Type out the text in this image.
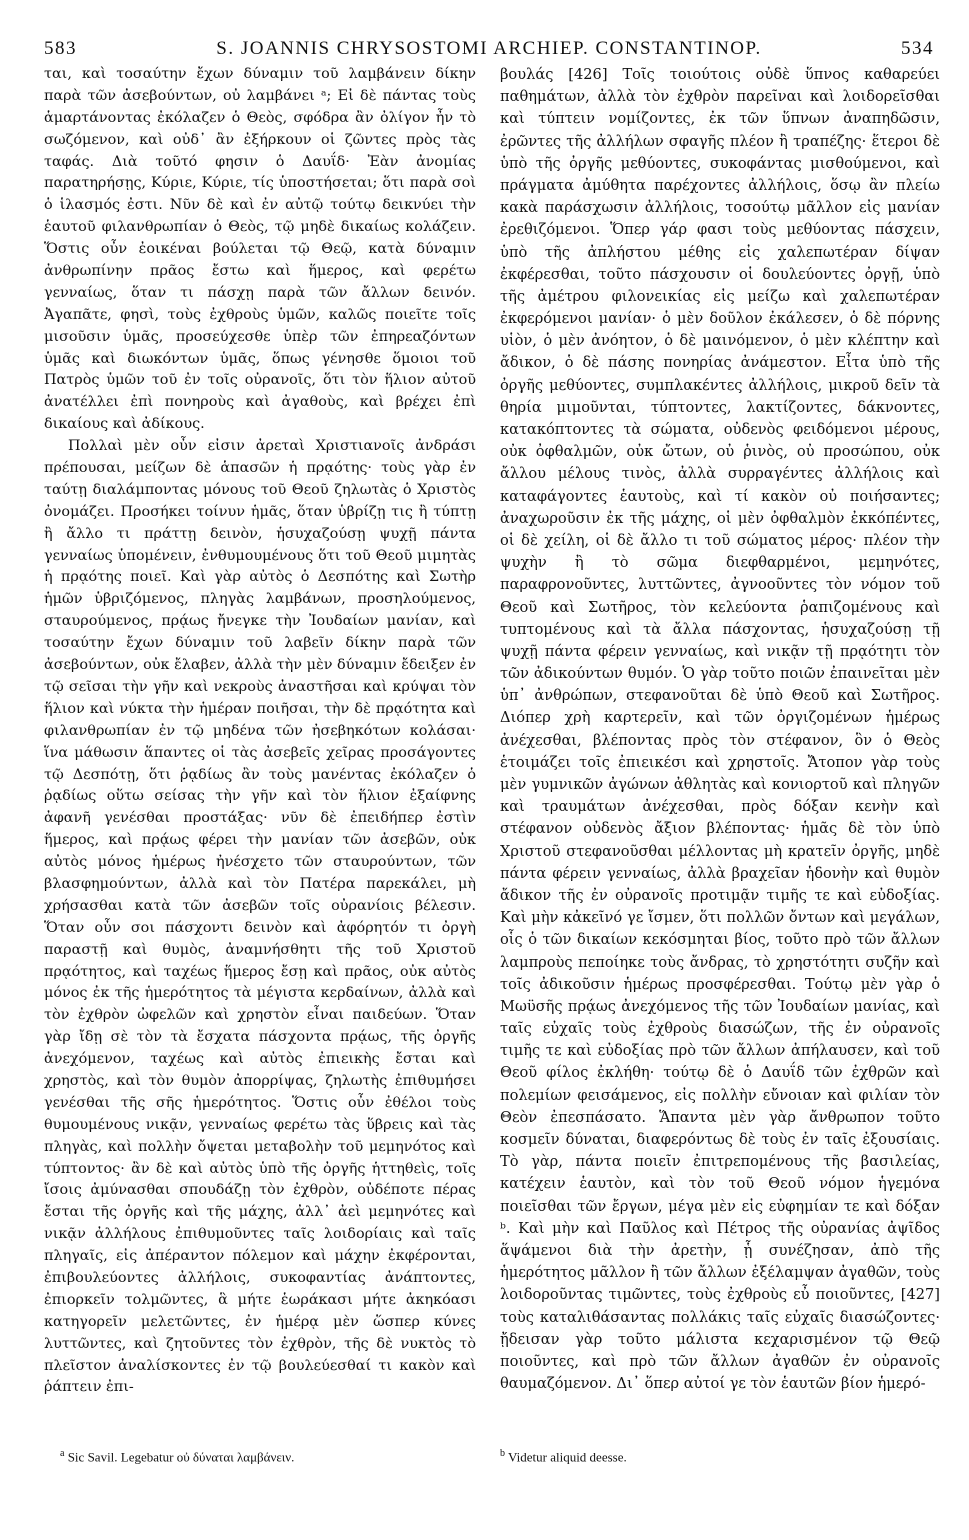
583	S. JOANNIS CHRYSOSTOMI ARCHIEP. CONSTANTINOP.	534

ται, καὶ τοσαύτην ἔχων δύναμιν τοῦ λαμβάνειν δίκην παρὰ τῶν ἀσεβούντων, οὐ λαμβάνει ᵃ; Εἰ δὲ πάντας τοὺς ἁμαρτάνοντας ἐκόλαζεν ὁ Θεὸς, σφόδρα ἂν ὀλίγον ἦν τὸ σωζόμενον, καὶ οὐδ᾽ ἂν ἐξήρκουν οἱ ζῶντες πρὸς τὰς ταφάς. Διὰ τοῦτό φησιν ὁ Δαυΐδ· Ἐὰν ἀνομίας παρατηρήσῃς, Κύριε, Κύριε, τίς ὑποστήσεται; ὅτι παρὰ σοὶ ὁ ἱλασμός ἐστι. Νῦν δὲ καὶ ἐν αὐτῷ τούτῳ δεικνύει τὴν ἑαυτοῦ φιλανθρωπίαν ὁ Θεὸς, τῷ μηδὲ δικαίως κολάζειν. Ὅστις οὖν ἐοικέναι βούλεται τῷ Θεῷ, κατὰ δύναμιν ἀνθρωπίνην πρᾶος ἔστω καὶ ἥμερος, καὶ φερέτω γενναίως, ὅταν τι πάσχῃ παρὰ τῶν ἄλλων δεινόν. Ἀγαπᾶτε, φησὶ, τοὺς ἐχθροὺς ὑμῶν, καλῶς ποιεῖτε τοῖς μισοῦσιν ὑμᾶς, προσεύχεσθε ὑπὲρ τῶν ἐπηρεαζόντων ὑμᾶς καὶ διωκόντων ὑμᾶς, ὅπως γένησθε ὅμοιοι τοῦ Πατρὸς ὑμῶν τοῦ ἐν τοῖς οὐρανοῖς, ὅτι τὸν ἥλιον αὐτοῦ ἀνατέλλει ἐπὶ πονηροὺς καὶ ἀγαθοὺς, καὶ βρέχει ἐπὶ δικαίους καὶ ἀδίκους.

Πολλαὶ μὲν οὖν εἰσιν ἀρεταὶ Χριστιανοῖς ἀνδράσι πρέπουσαι, μείζων δὲ ἁπασῶν ἡ πρᾳότης· τοὺς γὰρ ἐν ταύτῃ διαλάμποντας μόνους τοῦ Θεοῦ ζηλωτὰς ὁ Χριστὸς ὀνομάζει. Προσήκει τοίνυν ἡμᾶς, ὅταν ὑβρίζῃ τις ἢ τύπτῃ ἢ ἄλλο τι πράττῃ δεινὸν, ἡσυχαζούσῃ ψυχῇ πάντα γενναίως ὑπομένειν, ἐνθυμουμένους ὅτι τοῦ Θεοῦ μιμητὰς ἡ πρᾳότης ποιεῖ. Καὶ γὰρ αὐτὸς ὁ Δεσπότης καὶ Σωτὴρ ἡμῶν ὑβριζόμενος, πληγὰς λαμβάνων, προσηλούμενος, σταυρούμενος, πρᾴως ἤνεγκε τὴν Ἰουδαίων μανίαν, καὶ τοσαύτην ἔχων δύναμιν τοῦ λαβεῖν δίκην παρὰ τῶν ἀσεβούντων, οὐκ ἔλαβεν, ἀλλὰ τὴν μὲν δύναμιν ἔδειξεν ἐν τῷ σεῖσαι τὴν γῆν καὶ νεκροὺς ἀναστῆσαι καὶ κρύψαι τὸν ἥλιον καὶ νύκτα τὴν ἡμέραν ποιῆσαι, τὴν δὲ πρᾳότητα καὶ φιλανθρωπίαν ἐν τῷ μηδένα τῶν ἠσεβηκότων κολάσαι· ἵνα μάθωσιν ἅπαντες οἱ τὰς ἀσεβεῖς χεῖρας προσάγοντες τῷ Δεσπότῃ, ὅτι ῥᾳδίως ἂν τοὺς μανέντας ἐκόλαζεν ὁ ῥᾳδίως οὕτω σείσας τὴν γῆν καὶ τὸν ἥλιον ἐξαίφνης ἀφανῆ γενέσθαι προστάξας· νῦν δὲ ἐπειδήπερ ἐστὶν ἥμερος, καὶ πρᾴως φέρει τὴν μανίαν τῶν ἀσεβῶν, οὐκ αὐτὸς μόνος ἡμέρως ἠνέσχετο τῶν σταυρούντων, τῶν βλασφημούντων, ἀλλὰ καὶ τὸν Πατέρα παρεκάλει, μὴ χρήσασθαι κατὰ τῶν ἀσεβῶν τοῖς οὐρανίοις βέλεσιν. Ὅταν οὖν σοι πάσχοντι δεινὸν καὶ ἀφόρητόν τι ὀργὴ παραστῇ καὶ θυμὸς, ἀναμνήσθητι τῆς τοῦ Χριστοῦ πρᾳότητος, καὶ ταχέως ἥμερος ἔσῃ καὶ πρᾶος, οὐκ αὐτὸς μόνος ἐκ τῆς ἡμερότητος τὰ μέγιστα κερδαίνων, ἀλλὰ καὶ τὸν ἐχθρὸν ὠφελῶν καὶ χρηστὸν εἶναι παιδεύων. Ὅταν γὰρ ἴδῃ σὲ τὸν τὰ ἔσχατα πάσχοντα πρᾴως, τῆς ὀργῆς ἀνεχόμενον, ταχέως καὶ αὐτὸς ἐπιεικὴς ἔσται καὶ χρηστὸς, καὶ τὸν θυμὸν ἀπορρίψας, ζηλωτὴς ἐπιθυμήσει γενέσθαι τῆς σῆς ἡμερότητος. Ὅστις οὖν ἐθέλοι τοὺς θυμουμένους νικᾷν, γενναίως φερέτω τὰς ὕβρεις καὶ τὰς πληγὰς, καὶ πολλὴν ὄψεται μεταβολὴν τοῦ μεμηνότος καὶ τύπτοντος· ἂν δὲ καὶ αὐτὸς ὑπὸ τῆς ὀργῆς ἡττηθεὶς, τοῖς ἴσοις ἀμύνασθαι σπουδάζῃ τὸν ἐχθρὸν, οὐδέποτε πέρας ἔσται τῆς ὀργῆς καὶ τῆς μάχης, ἀλλ᾽ ἀεὶ μεμηνότες καὶ νικᾷν ἀλλήλους ἐπιθυμοῦντες ταῖς λοιδορίαις καὶ ταῖς πληγαῖς, εἰς ἀπέραντον πόλεμον καὶ μάχην ἐκφέρονται, ἐπιβουλεύοντες ἀλλήλοις, συκοφαντίας ἀνάπτοντες, ἐπιορκεῖν τολμῶντες, ἃ μήτε ἑωράκασι μήτε ἀκηκόασι κατηγορεῖν μελετῶντες, ἐν ἡμέρᾳ μὲν ὥσπερ κύνες λυττῶντες, καὶ ζητοῦντες τὸν ἐχθρὸν, τῆς δὲ νυκτὸς τὸ πλεῖστον ἀναλίσκοντες ἐν τῷ βουλεύεσθαί τι κακὸν καὶ ῥάπτειν ἐπι-

βουλάς [426] Τοῖς τοιούτοις οὐδὲ ὕπνος καθαρεύει παθημάτων, ἀλλὰ τὸν ἐχθρὸν παρεῖναι καὶ λοιδορεῖσθαι καὶ τύπτειν νομίζοντες, ἐκ τῶν ὕπνων ἀναπηδῶσιν, ἐρῶντες τῆς ἀλλήλων σφαγῆς πλέον ἢ τραπέζης· ἕτεροι δὲ ὑπὸ τῆς ὀργῆς μεθύοντες, συκοφάντας μισθούμενοι, καὶ πράγματα ἀμύθητα παρέχοντες ἀλλήλοις, ὅσῳ ἂν πλείω κακὰ παράσχωσιν ἀλλήλοις, τοσούτῳ μᾶλλον εἰς μανίαν ἐρεθιζόμενοι. Ὅπερ γάρ φασι τοὺς μεθύοντας πάσχειν, ὑπὸ τῆς ἀπλήστου μέθης εἰς χαλεπωτέραν δίψαν ἐκφέρεσθαι, τοῦτο πάσχουσιν οἱ δουλεύοντες ὀργῇ, ὑπὸ τῆς ἀμέτρου φιλονεικίας εἰς μείζω καὶ χαλεπωτέραν ἐκφερόμενοι μανίαν· ὁ μὲν δοῦλον ἐκάλεσεν, ὁ δὲ πόρνης υἱὸν, ὁ μὲν ἀνόητον, ὁ δὲ μαινόμενον, ὁ μὲν κλέπτην καὶ ἄδικον, ὁ δὲ πάσης πονηρίας ἀνάμεστον. Εἶτα ὑπὸ τῆς ὀργῆς μεθύοντες, συμπλακέντες ἀλλήλοις, μικροῦ δεῖν τὰ θηρία μιμοῦνται, τύπτοντες, λακτίζοντες, δάκνοντες, κατακόπτοντες τὰ σώματα, οὐδενὸς φειδόμενοι μέρους, οὐκ ὀφθαλμῶν, οὐκ ὤτων, οὐ ῥινὸς, οὐ προσώπου, οὐκ ἄλλου μέλους τινὸς, ἀλλὰ συρραγέντες ἀλλήλοις καὶ καταφάγοντες ἑαυτοὺς, καὶ τί κακὸν οὐ ποιήσαντες; ἀναχωροῦσιν ἐκ τῆς μάχης, οἱ μὲν ὀφθαλμὸν ἐκκόπέντες, οἱ δὲ χείλη, οἱ δὲ ἄλλο τι τοῦ σώματος μέρος· πλέον τὴν ψυχὴν ἢ τὸ σῶμα διεφθαρμένοι, μεμηνότες, παραφρονοῦντες, λυττῶντες, ἀγνοοῦντες τὸν νόμον τοῦ Θεοῦ καὶ Σωτῆρος, τὸν κελεύοντα ῥαπιζομένους καὶ τυπτομένους καὶ τὰ ἄλλα πάσχοντας, ἡσυχαζούσῃ τῇ ψυχῇ πάντα φέρειν γενναίως, καὶ νικᾷν τῇ πρᾳότητι τὸν τῶν ἀδικούντων θυμόν. Ὁ γὰρ τοῦτο ποιῶν ἐπαινεῖται μὲν ὑπ᾽ ἀνθρώπων, στεφανοῦται δὲ ὑπὸ Θεοῦ καὶ Σωτῆρος. Διόπερ χρὴ καρτερεῖν, καὶ τῶν ὀργιζομένων ἡμέρως ἀνέχεσθαι, βλέποντας πρὸς τὸν στέφανον, ὃν ὁ Θεὸς ἑτοιμάζει τοῖς ἐπιεικέσι καὶ χρηστοῖς. Ἄτοπον γὰρ τοὺς μὲν γυμνικῶν ἀγώνων ἀθλητὰς καὶ κονιορτοῦ καὶ πληγῶν καὶ τραυμάτων ἀνέχεσθαι, πρὸς δόξαν κενὴν καὶ στέφανον οὐδενὸς ἄξιον βλέποντας· ἡμᾶς δὲ τὸν ὑπὸ Χριστοῦ στεφανοῦσθαι μέλλοντας μὴ κρατεῖν ὀργῆς, μηδὲ πάντα φέρειν γενναίως, ἀλλὰ βραχεῖαν ἡδονὴν καὶ θυμὸν ἄδικον τῆς ἐν οὐρανοῖς προτιμᾷν τιμῆς τε καὶ εὐδοξίας. Καὶ μὴν κἀκεῖνό γε ἴσμεν, ὅτι πολλῶν ὄντων καὶ μεγάλων, οἷς ὁ τῶν δικαίων κεκόσμηται βίος, τοῦτο πρὸ τῶν ἄλλων λαμπροὺς πεποίηκε τοὺς ἄνδρας, τὸ χρηστότητι συζῆν καὶ τοῖς ἀδικοῦσιν ἡμέρως προσφέρεσθαι. Τούτῳ μὲν γὰρ ὁ Μωϋσῆς πρᾴως ἀνεχόμενος τῆς τῶν Ἰουδαίων μανίας, καὶ ταῖς εὐχαῖς τοὺς ἐχθροὺς διασώζων, τῆς ἐν οὐρανοῖς τιμῆς τε καὶ εὐδοξίας πρὸ τῶν ἄλλων ἀπήλαυσεν, καὶ τοῦ Θεοῦ φίλος ἐκλήθη· τούτῳ δὲ ὁ Δαυΐδ τῶν ἐχθρῶν καὶ πολεμίων φεισάμενος, εἰς πολλὴν εὔνοιαν καὶ φιλίαν τὸν Θεὸν ἐπεσπάσατο. Ἅπαντα μὲν γὰρ ἄνθρωπον τοῦτο κοσμεῖν δύναται, διαφερόντως δὲ τοὺς ἐν ταῖς ἐξουσίαις. Τὸ γὰρ, πάντα ποιεῖν ἐπιτρεπομένους τῆς βασιλείας, κατέχειν ἑαυτὸν, καὶ τὸν τοῦ Θεοῦ νόμον ἡγεμόνα ποιεῖσθαι τῶν ἔργων, μέγα μὲν εἰς εὐφημίαν τε καὶ δόξαν ᵇ. Καὶ μὴν καὶ Παῦλος καὶ Πέτρος τῆς οὐρανίας ἀψῖδος ἅψάμενοι διὰ τὴν ἀρετὴν, ᾗ συνέζησαν, ἀπὸ τῆς ἡμερότητος μᾶλλον ἢ τῶν ἄλλων ἐξέλαμψαν ἀγαθῶν, τοὺς λοιδοροῦντας τιμῶντες, τοὺς ἐχθροὺς εὖ ποιοῦντες, [427] τοὺς καταλιθάσαντας πολλάκις ταῖς εὐχαῖς διασώζοντες· ᾔδεισαν γὰρ τοῦτο μάλιστα κεχαρισμένον τῷ Θεῷ ποιοῦντες, καὶ πρὸ τῶν ἄλλων ἀγαθῶν ἐν οὐρανοῖς θαυμαζόμενον. Δι᾽ ὅπερ αὐτοί γε τὸν ἑαυτῶν βίον ἡμερό-

$^a$ Sic Savil. Legebatur οὐ δύναται λαμβάνειν.	$^b$ Videtur aliquid deesse.
